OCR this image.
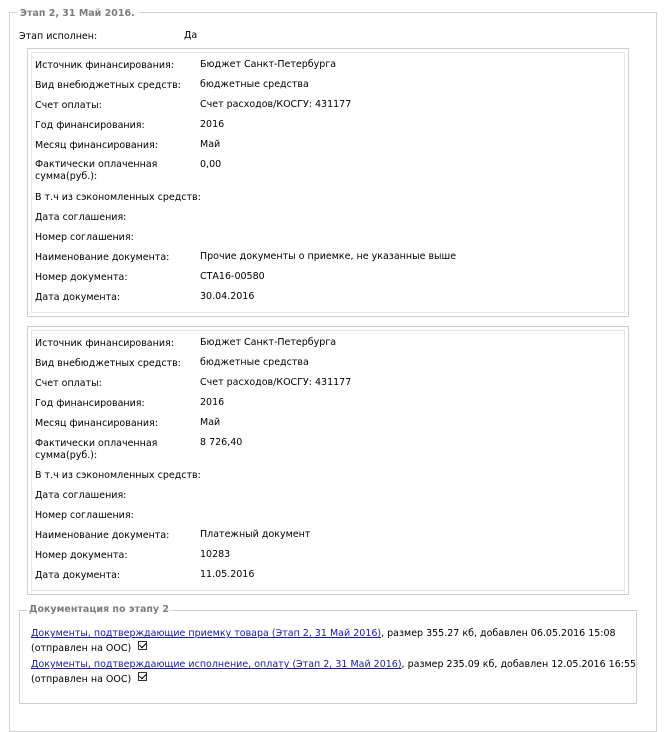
Этап 2, 31 Май 2016.
Этап исполнен:	Да
Источник финансирования:	Бюджет Санкт-Петербурга
Вид внебюджетных средств: бюджетные средства
Счет оплаты:	Счет расходов/КОСГУ: 431177
Год финансирования:	2016
Месяц финансирования:	Май
Фактически оплаченная
сумма(руб.):
0,00
В т.ч из сэкономленных средств:
Дата соглашения:
Номер соглашения:
Наименование документа:	Прочие документы о приемке, не указанные выше
Номер документа:	СТА16-00580
Дата документа:	30.04.2016
Источник финансирования:	Бюджет Санкт-Петербурга
Вид внебюджетных средств: бюджетные средства
Счет оплаты:	Счет расходов/КОСГУ: 431177
Год финансирования:	2016
Месяц финансирования:	Май
Фактически оплаченная
сумма(руб.):
8 726,40
В т.ч из сэкономленных средств:
Дата соглашения:
Номер соглашения:
Наименование документа:	Платежный документ
Номер документа:	10283
Дата документа:	11.05.2016
Документация по этапу 2
Документы, подтверждающие приемку товара (Этап 2, 31 Май 2016), размер 355.27 кб, добавлен 06.05.2016 15:08
(отправлен на ООС)
Документы, подтверждающие исполнение, оплату (Этап 2, 31 Май 2016), размер 235.09 кб, добавлен 12.05.2016 16:55
(отправлен на ООС)
